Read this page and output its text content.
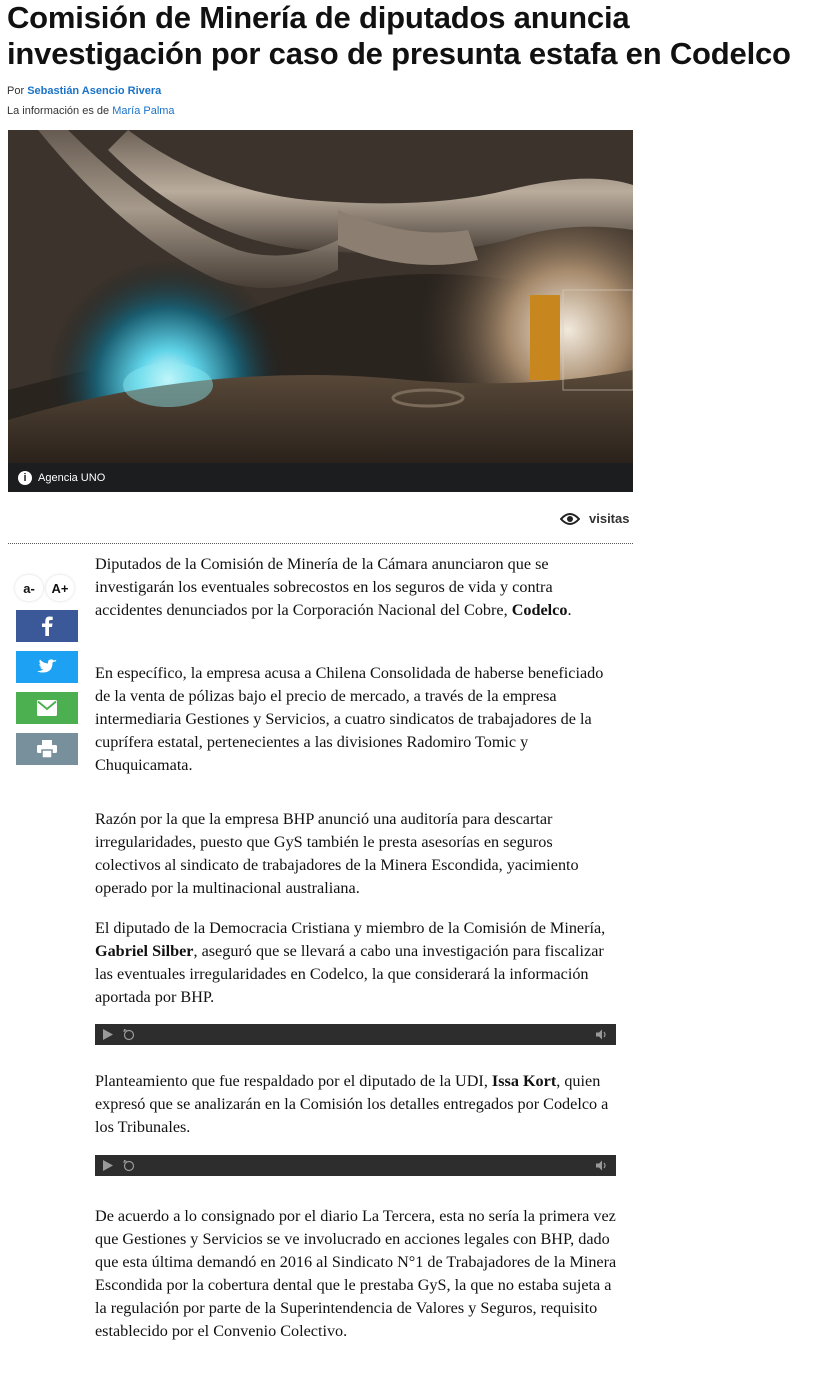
Comisión de Minería de diputados anuncia investigación por caso de presunta estafa en Codelco
Por Sebastián Asencio Rivera
La información es de María Palma
i	Agencia UNO
visitas
a-	A+

Diputados de la Comisión de Minería de la Cámara anunciaron que se investigarán los eventuales sobrecostos en los seguros de vida y contra accidentes denunciados por la Corporación Nacional del Cobre, Codelco.

En específico, la empresa acusa a Chilena Consolidada de haberse beneficiado de la venta de pólizas bajo el precio de mercado, a través de la empresa intermediaria Gestiones y Servicios, a cuatro sindicatos de trabajadores de la cuprífera estatal, pertenecientes a las divisiones Radomiro Tomic y Chuquicamata.

Razón por la que la empresa BHP anunció una auditoría para descartar irregularidades, puesto que GyS también le presta asesorías en seguros colectivos al sindicato de trabajadores de la Minera Escondida, yacimiento operado por la multinacional australiana.

El diputado de la Democracia Cristiana y miembro de la Comisión de Minería, Gabriel Silber, aseguró que se llevará a cabo una investigación para fiscalizar las eventuales irregularidades en Codelco, la que considerará la información aportada por BHP.

Planteamiento que fue respaldado por el diputado de la UDI, Issa Kort, quien expresó que se analizarán en la Comisión los detalles entregados por Codelco a los Tribunales.

De acuerdo a lo consignado por el diario La Tercera, esta no sería la primera vez que Gestiones y Servicios se ve involucrado en acciones legales con BHP, dado que esta última demandó en 2016 al Sindicato N°1 de Trabajadores de la Minera Escondida por la cobertura dental que le prestaba GyS, la que no estaba sujeta a la regulación por parte de la Superintendencia de Valores y Seguros, requisito establecido por el Convenio Colectivo.
